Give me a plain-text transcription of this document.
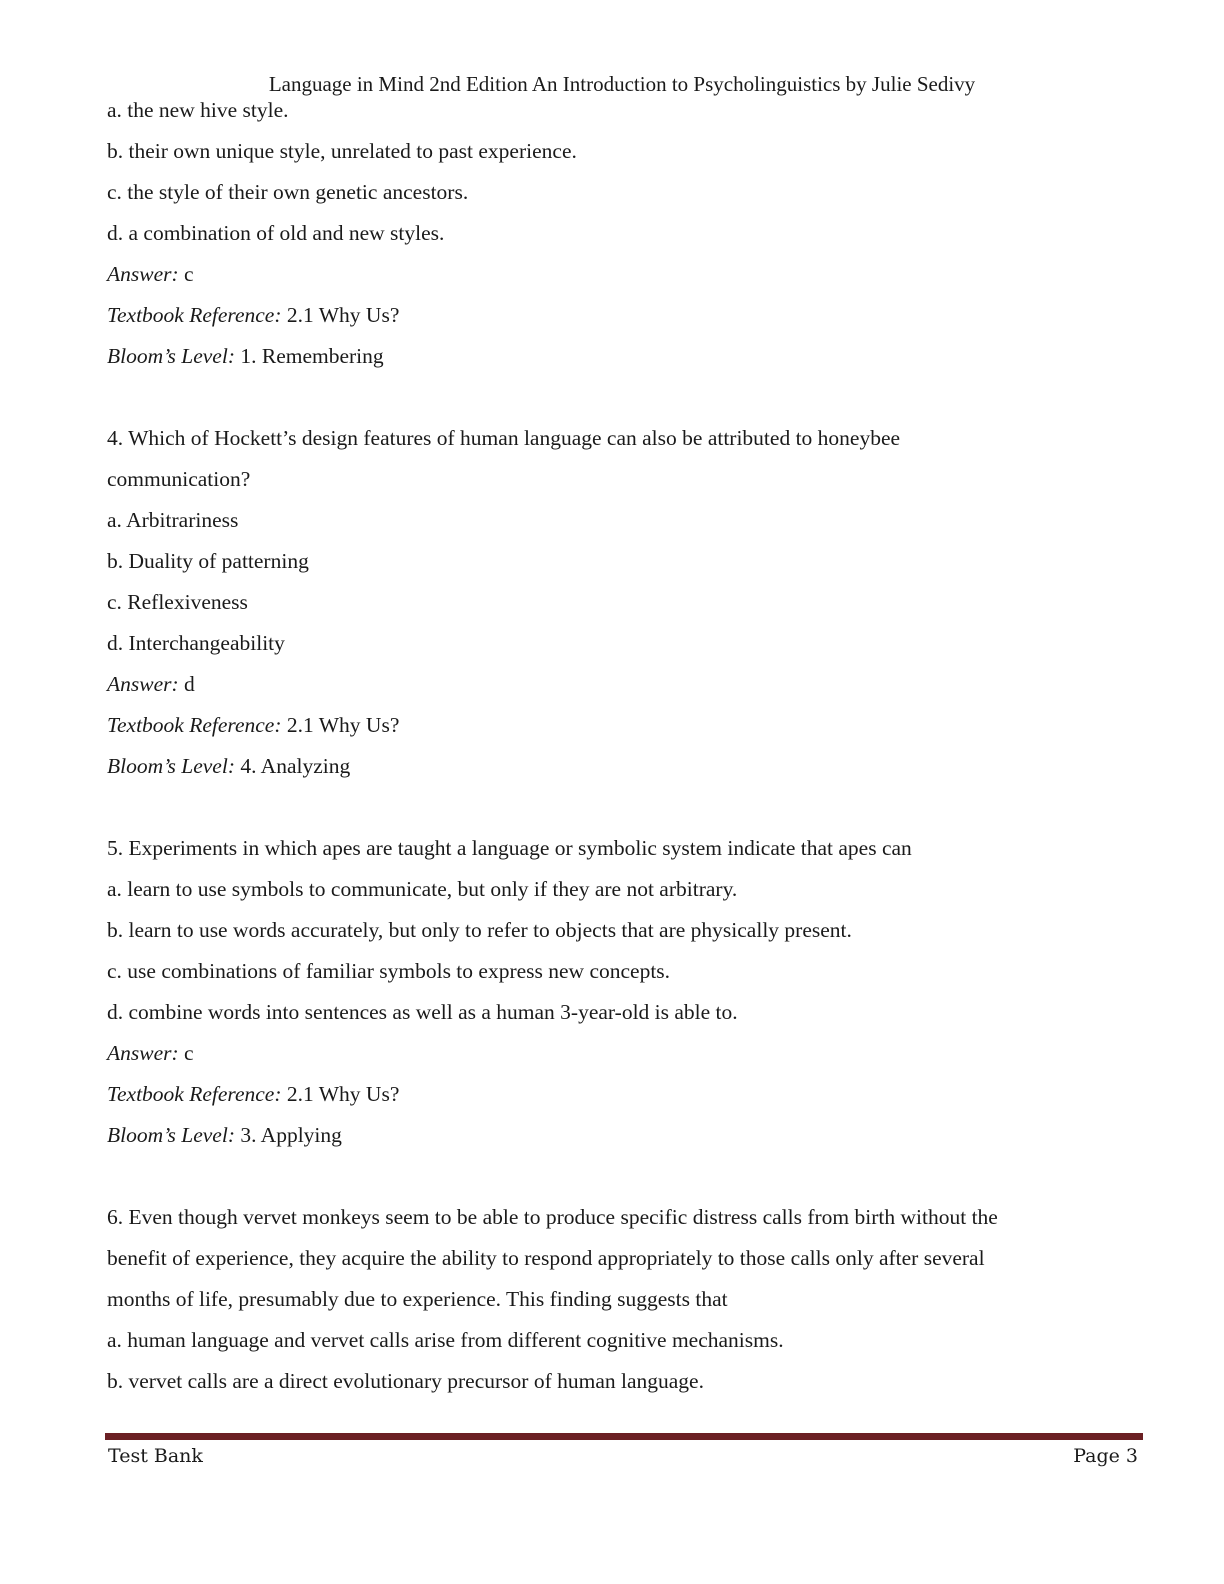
Language in Mind 2nd Edition An Introduction to Psycholinguistics by Julie Sedivy
a. the new hive style.
b. their own unique style, unrelated to past experience.
c. the style of their own genetic ancestors.
d. a combination of old and new styles.
Answer: c
Textbook Reference: 2.1 Why Us?
Bloom’s Level: 1. Remembering
4. Which of Hockett’s design features of human language can also be attributed to honeybee
communication?
a. Arbitrariness
b. Duality of patterning
c. Reflexiveness
d. Interchangeability
Answer: d
Textbook Reference: 2.1 Why Us?
Bloom’s Level: 4. Analyzing
5. Experiments in which apes are taught a language or symbolic system indicate that apes can
a. learn to use symbols to communicate, but only if they are not arbitrary.
b. learn to use words accurately, but only to refer to objects that are physically present.
c. use combinations of familiar symbols to express new concepts.
d. combine words into sentences as well as a human 3-year-old is able to.
Answer: c
Textbook Reference: 2.1 Why Us?
Bloom’s Level: 3. Applying
6. Even though vervet monkeys seem to be able to produce specific distress calls from birth without the
benefit of experience, they acquire the ability to respond appropriately to those calls only after several
months of life, presumably due to experience. This finding suggests that
a. human language and vervet calls arise from different cognitive mechanisms.
b. vervet calls are a direct evolutionary precursor of human language.
Test Bank	Page 3
